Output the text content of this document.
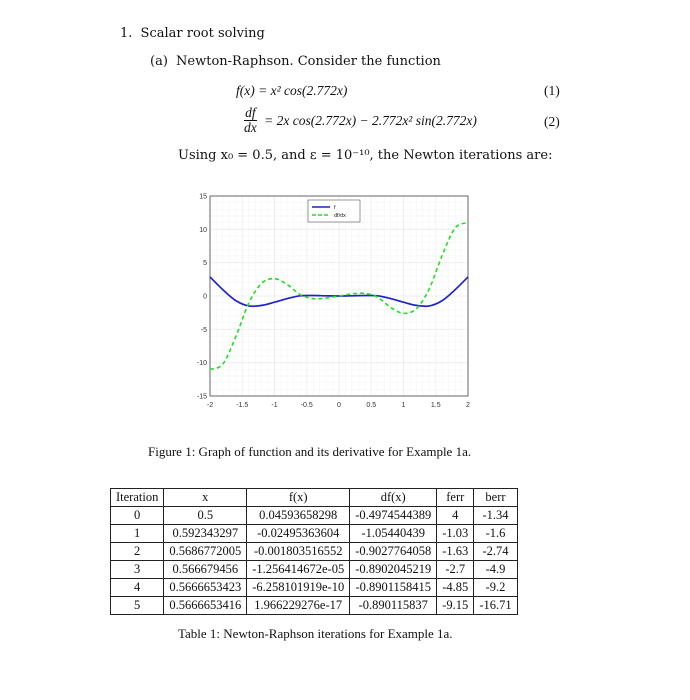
1. Scalar root solving
(a) Newton-Raphson. Consider the function
f(x) = x² cos(2.772x)	(1)
$\frac{df}{dx} = 2x$ cos(2.772x) − 2.772x² sin(2.772x)	(2)
Using x₀ = 0.5, and ε = 10⁻¹⁰, the Newton iterations are:
-2	-1.5	-1	-0.5	0	0.5	1	1.5	2
-15
-10
-5
0
5
10
15
f
df/dx
Figure 1: Graph of function and its derivative for Example 1a.
Iteration	x	f(x)	df(x)	ferr	berr
0	0.5	0.04593658298	-0.4974544389	4	-1.34
1	0.592343297	-0.02495363604	-1.05440439	-1.03	-1.6
2	0.5686772005	-0.001803516552	-0.9027764058	-1.63	-2.74
3	0.566679456	-1.256414672e-05	-0.8902045219	-2.7	-4.9
4	0.5666653423	-6.258101919e-10	-0.8901158415	-4.85	-9.2
5	0.5666653416	1.966229276e-17	-0.890115837	-9.15	-16.71
Table 1: Newton-Raphson iterations for Example 1a.
